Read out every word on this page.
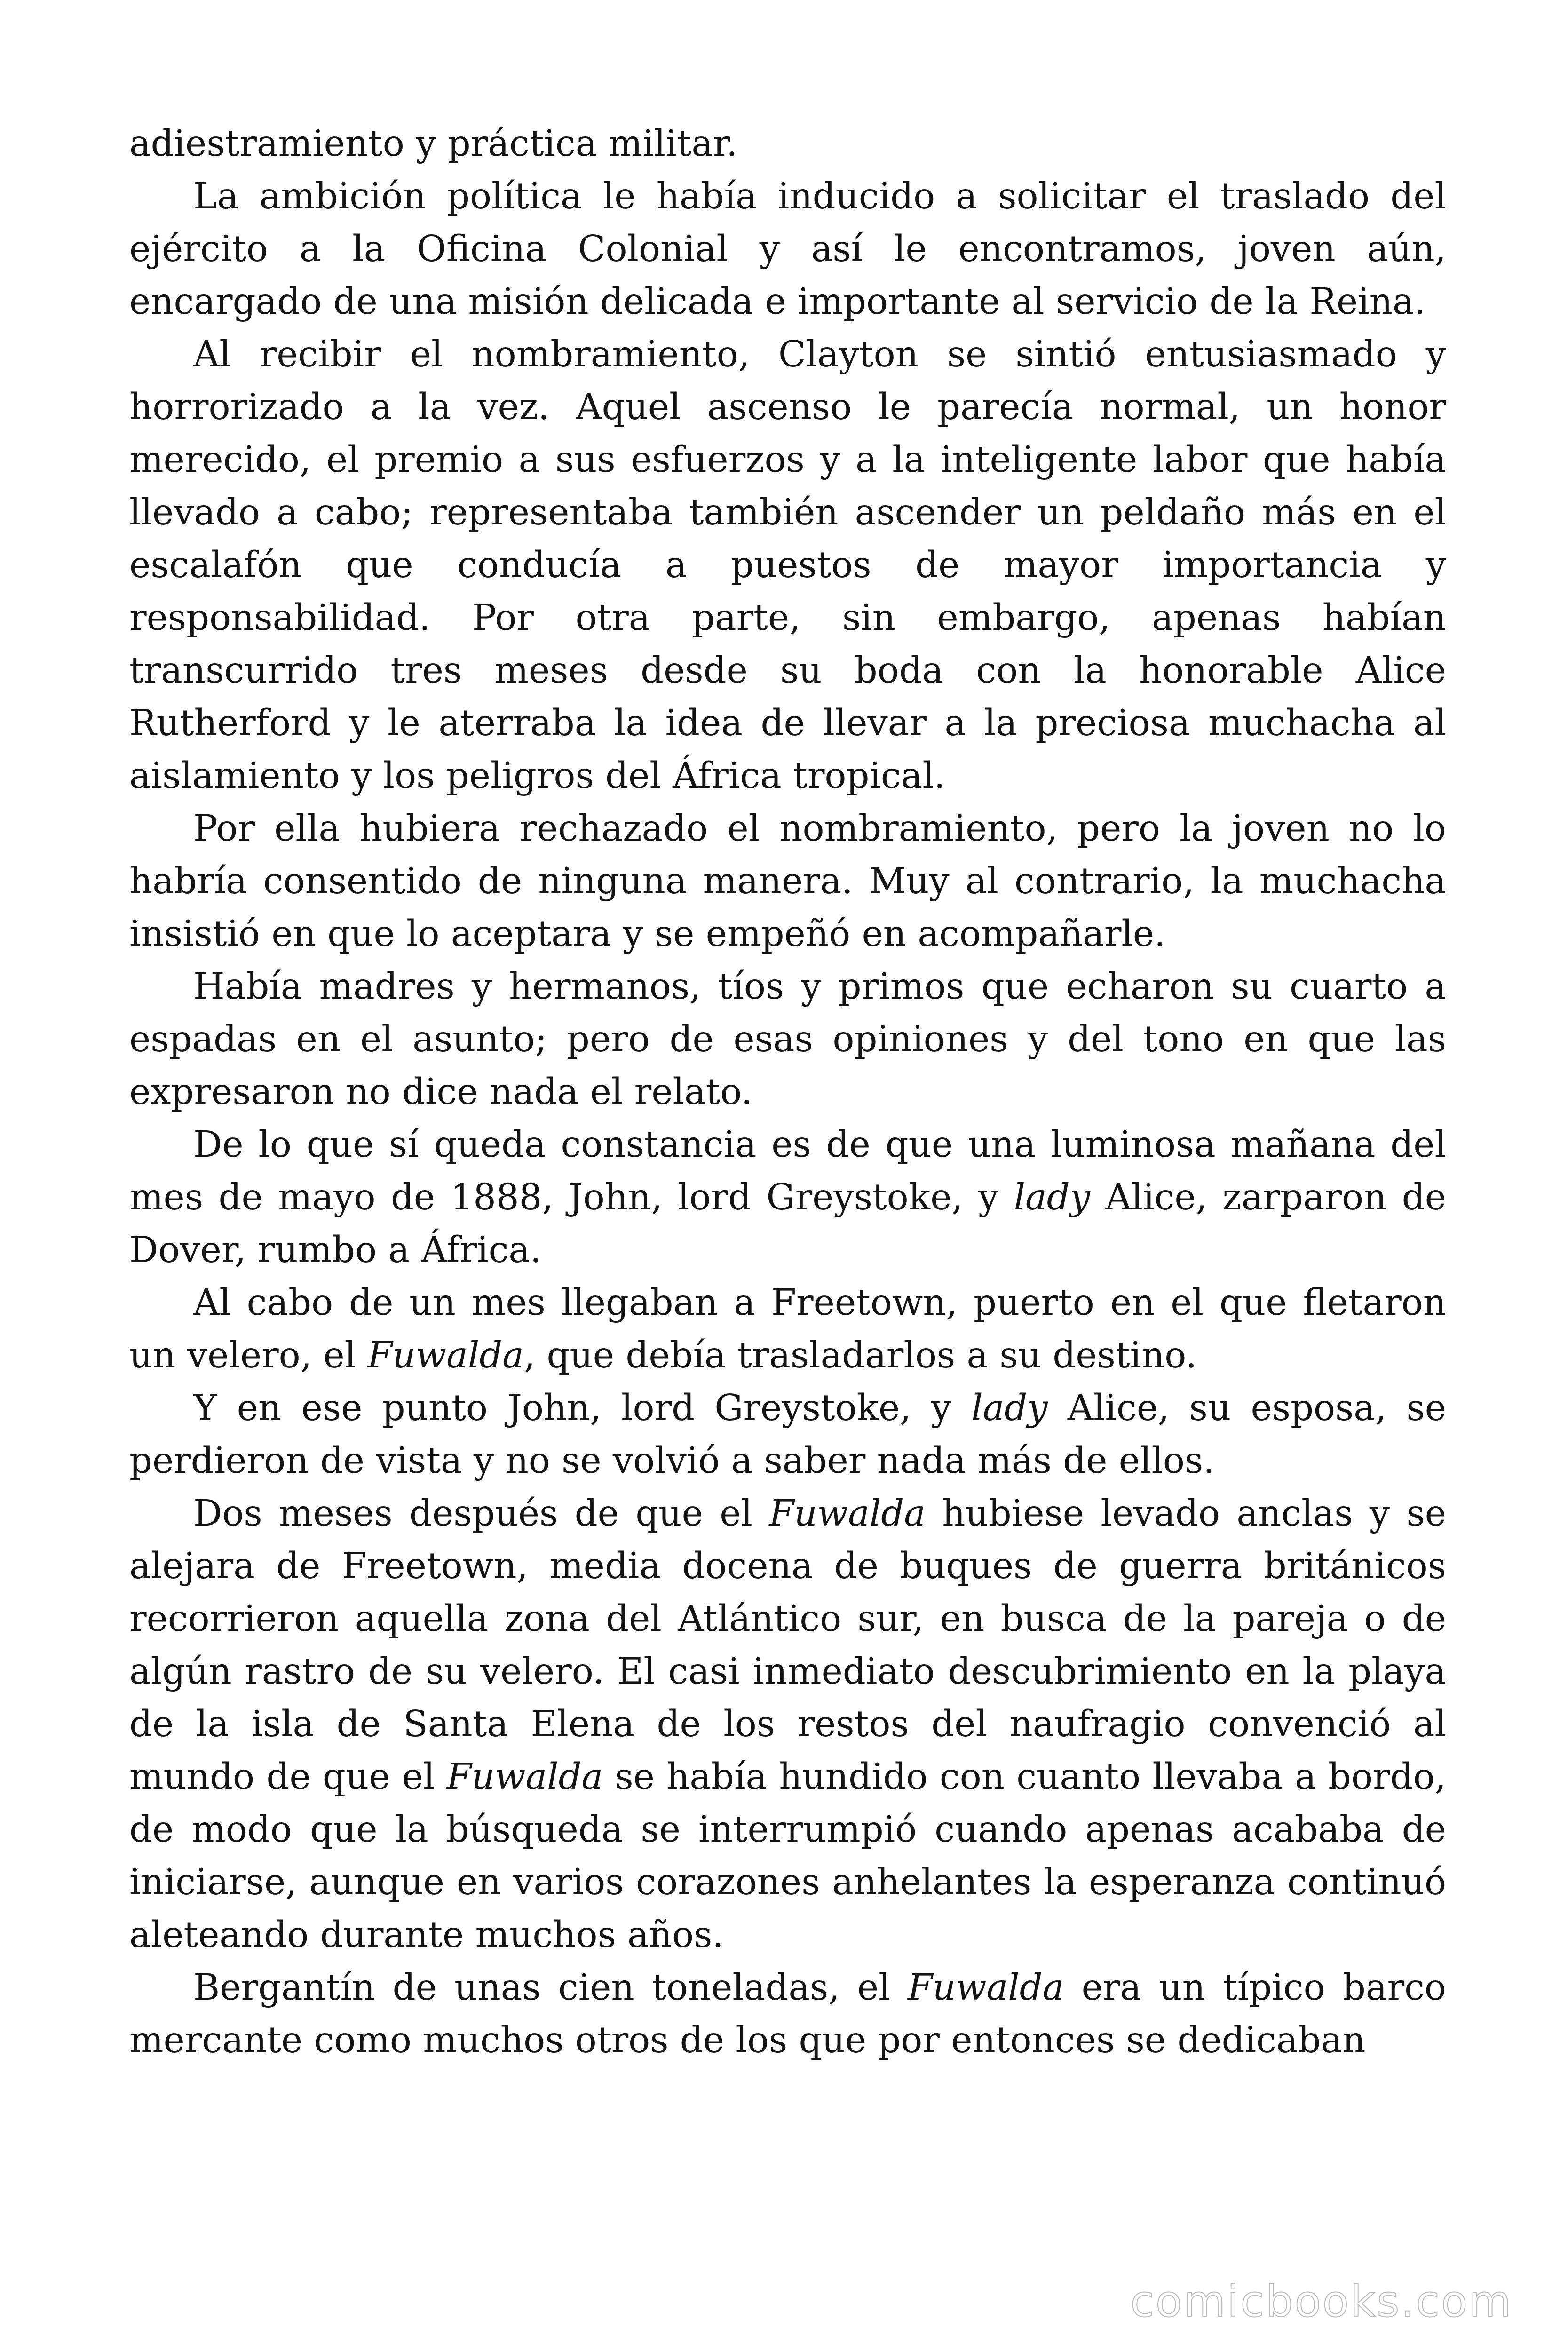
adiestramiento y práctica militar.

La ambición política le había inducido a solicitar el traslado del ejército a la Oficina Colonial y así le encontramos, joven aún, encargado de una misión delicada e importante al servicio de la Reina.

Al recibir el nombramiento, Clayton se sintió entusiasmado y horrorizado a la vez. Aquel ascenso le parecía normal, un honor merecido, el premio a sus esfuerzos y a la inteligente labor que había llevado a cabo; representaba también ascender un peldaño más en el escalafón que conducía a puestos de mayor importancia y responsabilidad. Por otra parte, sin embargo, apenas habían transcurrido tres meses desde su boda con la honorable Alice Rutherford y le aterraba la idea de llevar a la preciosa muchacha al aislamiento y los peligros del África tropical.

Por ella hubiera rechazado el nombramiento, pero la joven no lo habría consentido de ninguna manera. Muy al contrario, la muchacha insistió en que lo aceptara y se empeñó en acompañarle.

Había madres y hermanos, tíos y primos que echaron su cuarto a espadas en el asunto; pero de esas opiniones y del tono en que las expresaron no dice nada el relato.

De lo que sí queda constancia es de que una luminosa mañana del mes de mayo de 1888, John, lord Greystoke, y lady Alice, zarparon de Dover, rumbo a África.

Al cabo de un mes llegaban a Freetown, puerto en el que fletaron un velero, el Fuwalda, que debía trasladarlos a su destino.

Y en ese punto John, lord Greystoke, y lady Alice, su esposa, se perdieron de vista y no se volvió a saber nada más de ellos.

Dos meses después de que el Fuwalda hubiese levado anclas y se alejara de Freetown, media docena de buques de guerra británicos recorrieron aquella zona del Atlántico sur, en busca de la pareja o de algún rastro de su velero. El casi inmediato descubrimiento en la playa de la isla de Santa Elena de los restos del naufragio convenció al mundo de que el Fuwalda se había hundido con cuanto llevaba a bordo, de modo que la búsqueda se interrumpió cuando apenas acababa de iniciarse, aunque en varios corazones anhelantes la esperanza continuó aleteando durante muchos años.

Bergantín de unas cien toneladas, el Fuwalda era un típico barco mercante como muchos otros de los que por entonces se dedicaban

comicbooks.com
